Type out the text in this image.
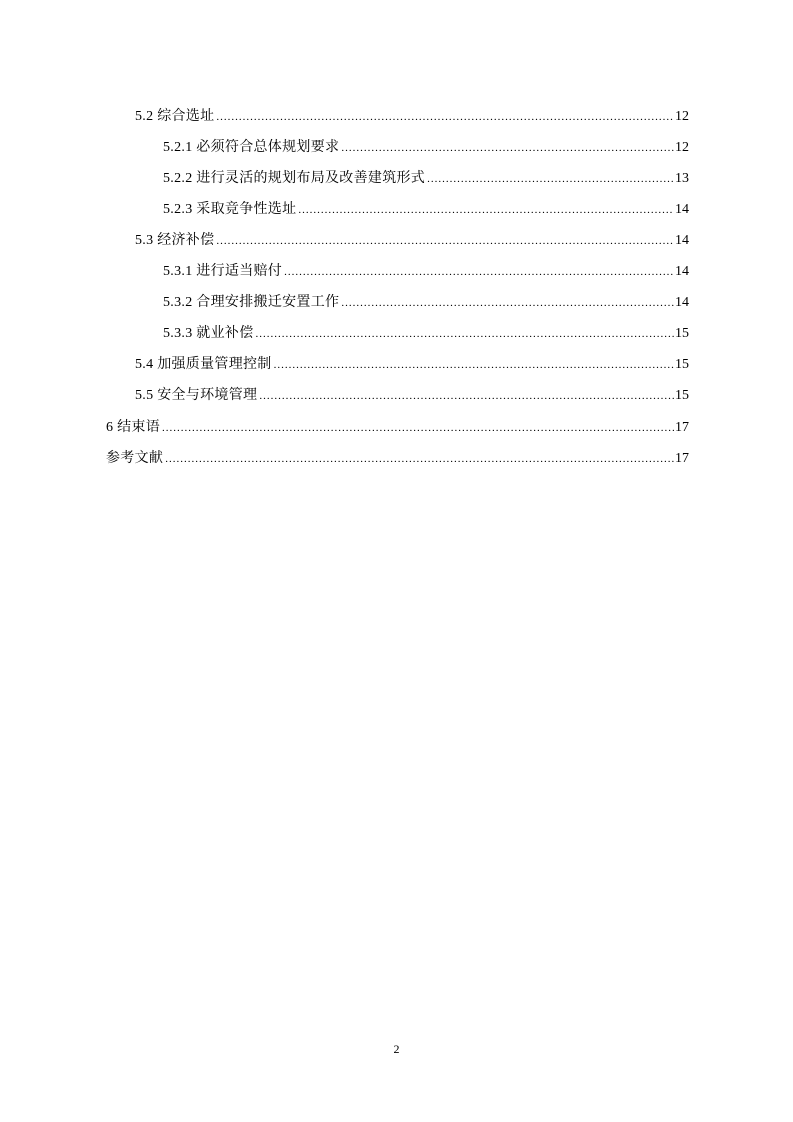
5.2 综合选址 .....	12
5.2.1 必须符合总体规划要求 .....	12
5.2.2 进行灵活的规划布局及改善建筑形式 .....	13
5.2.3 采取竞争性选址 .....	14
5.3 经济补偿 .....	14
5.3.1 进行适当赔付 .....	14
5.3.2 合理安排搬迁安置工作 .....	14
5.3.3 就业补偿 .....	15
5.4 加强质量管理控制 .....	15
5.5 安全与环境管理 .....	15
6 结束语 .....	17
参考文献 .....	17
2
